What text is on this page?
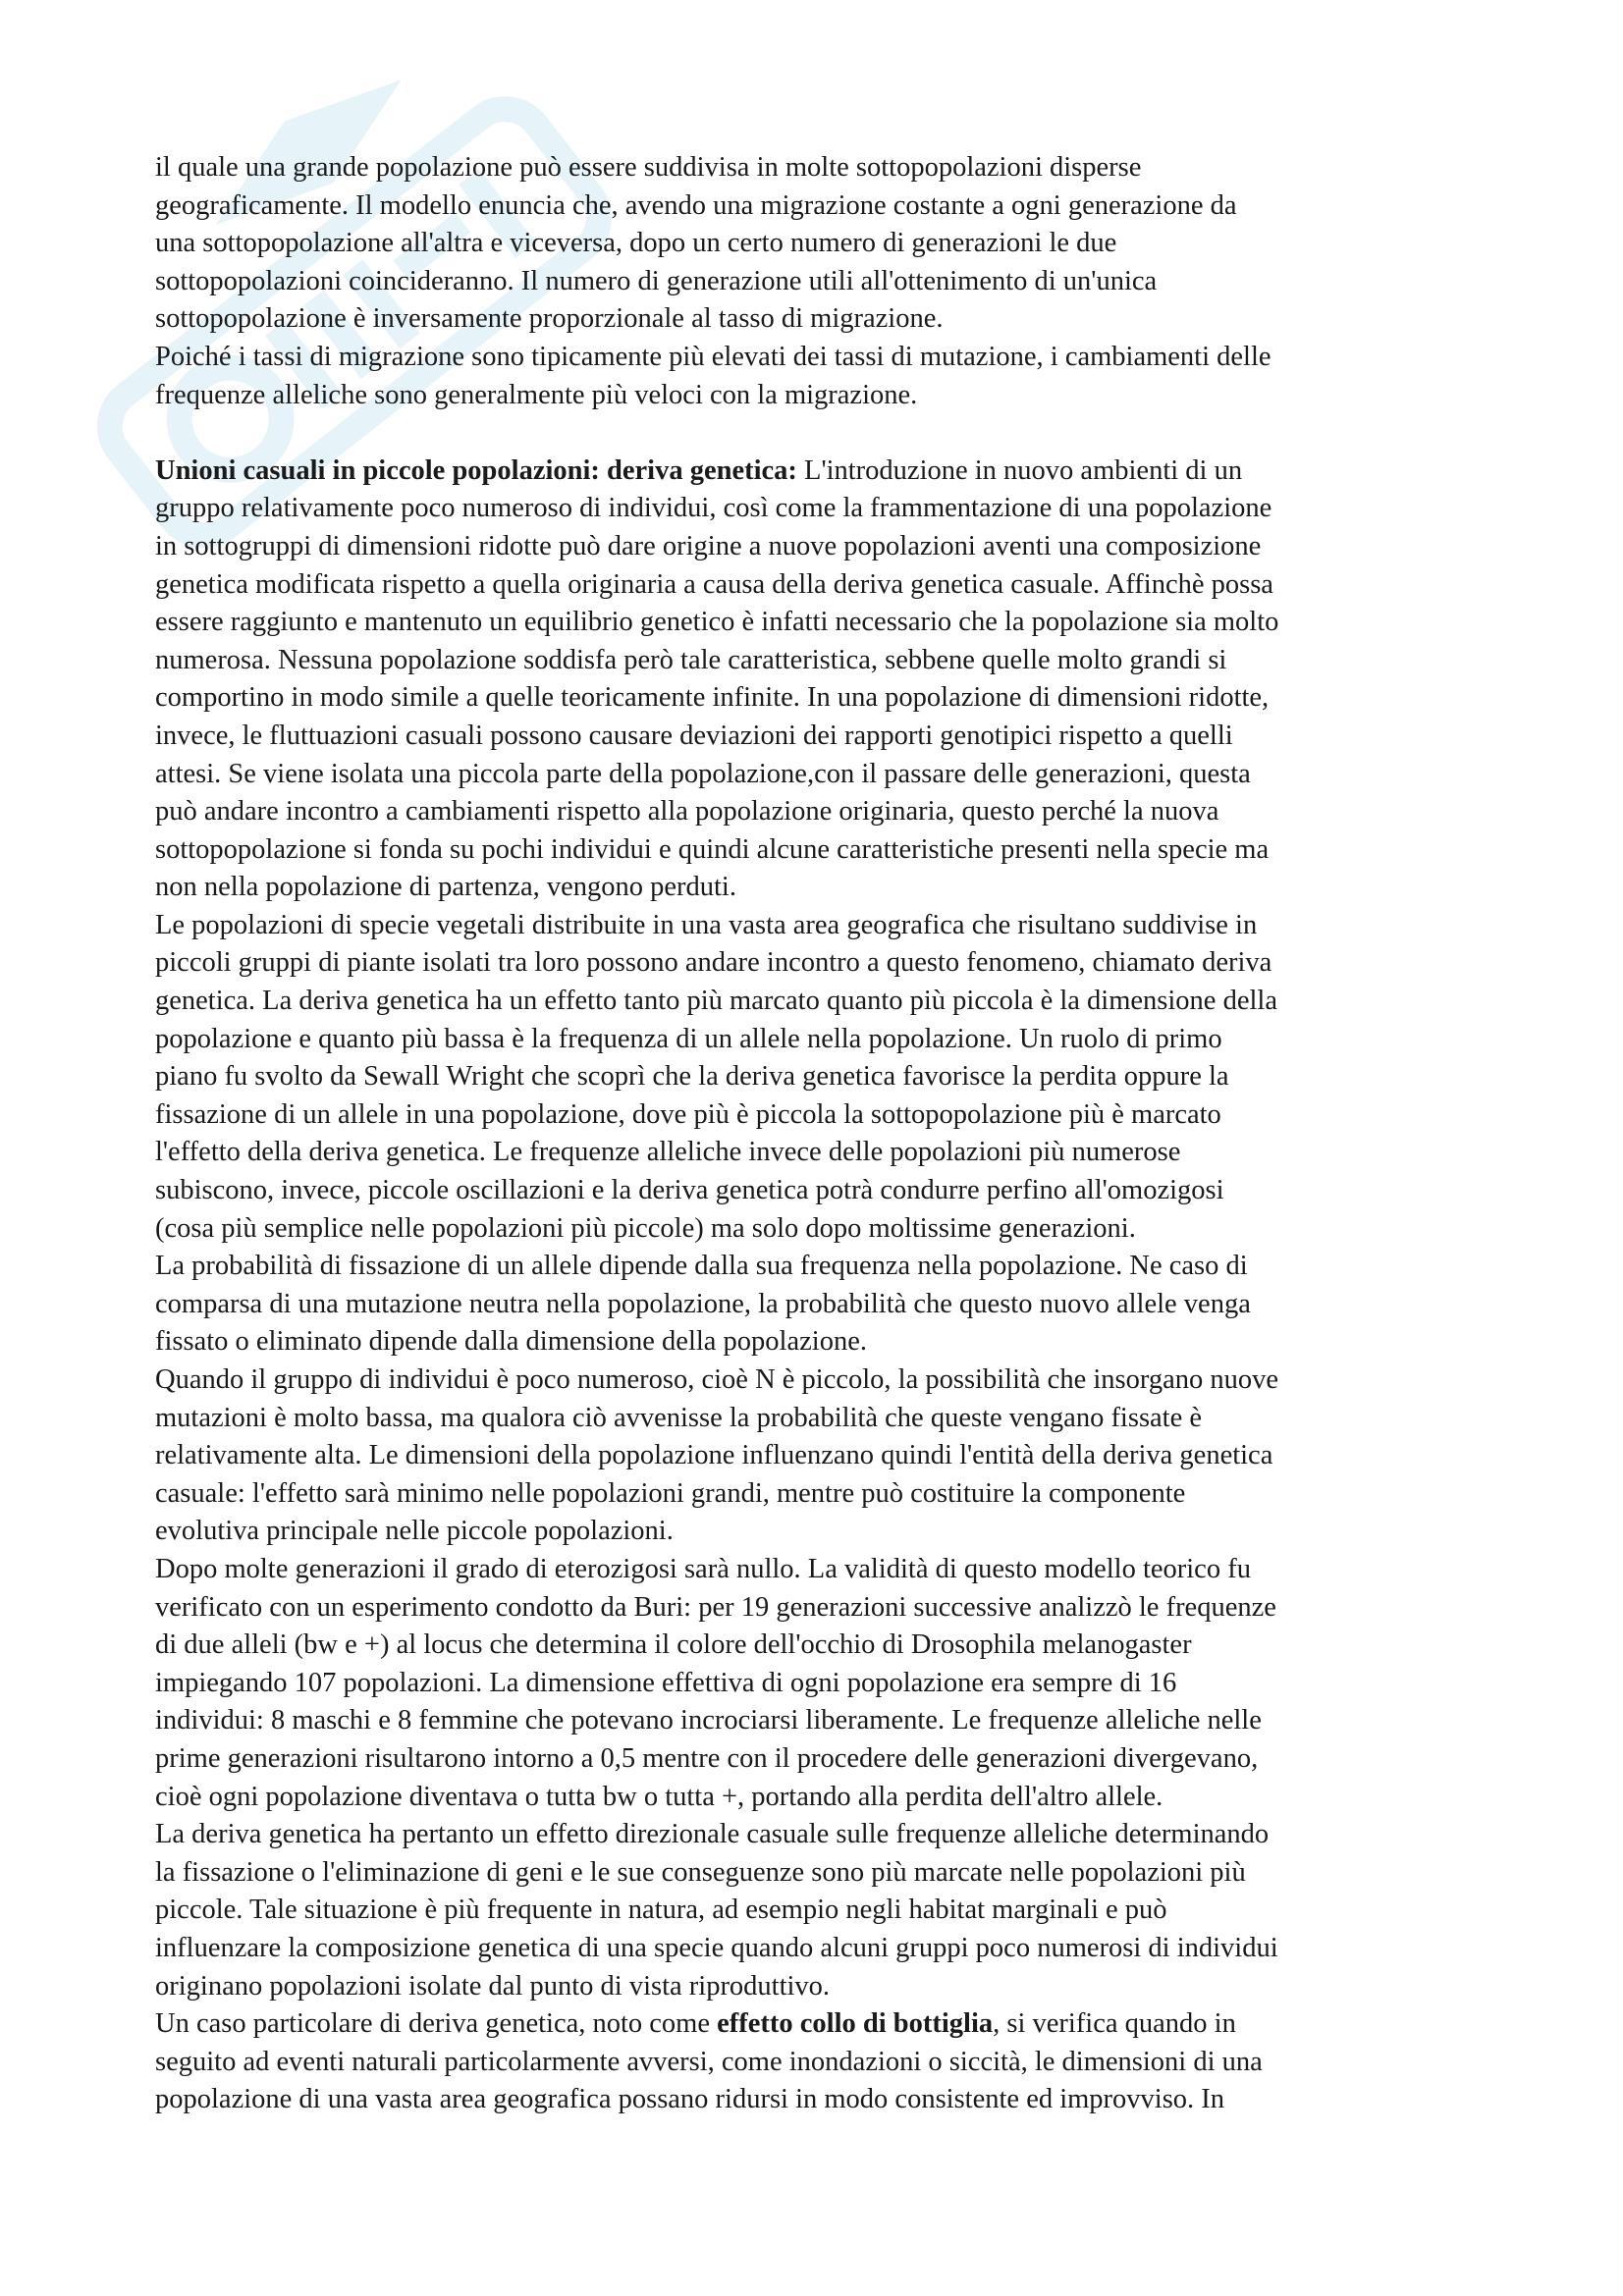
il quale una grande popolazione può essere suddivisa in molte sottopopolazioni disperse

geograficamente. Il modello enuncia che, avendo una migrazione costante a ogni generazione da

una sottopopolazione all'altra e viceversa, dopo un certo numero di generazioni le due

sottopopolazioni coincideranno. Il numero di generazione utili all'ottenimento di un'unica

sottopopolazione è inversamente proporzionale al tasso di migrazione.

Poiché i tassi di migrazione sono tipicamente più elevati dei tassi di mutazione, i cambiamenti delle

frequenze alleliche sono generalmente più veloci con la migrazione.

Unioni casuali in piccole popolazioni: deriva genetica: L'introduzione in nuovo ambienti di un

gruppo relativamente poco numeroso di individui, così come la frammentazione di una popolazione

in sottogruppi di dimensioni ridotte può dare origine a nuove popolazioni aventi una composizione

genetica modificata rispetto a quella originaria a causa della deriva genetica casuale. Affinchè possa

essere raggiunto e mantenuto un equilibrio genetico è infatti necessario che la popolazione sia molto

numerosa. Nessuna popolazione soddisfa però tale caratteristica, sebbene quelle molto grandi si

comportino in modo simile a quelle teoricamente infinite. In una popolazione di dimensioni ridotte,

invece, le fluttuazioni casuali possono causare deviazioni dei rapporti genotipici rispetto a quelli

attesi. Se viene isolata una piccola parte della popolazione,con il passare delle generazioni, questa

può andare incontro a cambiamenti rispetto alla popolazione originaria, questo perché la nuova

sottopopolazione si fonda su pochi individui e quindi alcune caratteristiche presenti nella specie ma

non nella popolazione di partenza, vengono perduti.

Le popolazioni di specie vegetali distribuite in una vasta area geografica che risultano suddivise in

piccoli gruppi di piante isolati tra loro possono andare incontro a questo fenomeno, chiamato deriva

genetica. La deriva genetica ha un effetto tanto più marcato quanto più piccola è la dimensione della

popolazione e quanto più bassa è la frequenza di un allele nella popolazione. Un ruolo di primo

piano fu svolto da Sewall Wright che scoprì che la deriva genetica favorisce la perdita oppure la

fissazione di un allele in una popolazione, dove più è piccola la sottopopolazione più è marcato

l'effetto della deriva genetica. Le frequenze alleliche invece delle popolazioni più numerose

subiscono, invece, piccole oscillazioni e la deriva genetica potrà condurre perfino all'omozigosi

(cosa più semplice nelle popolazioni più piccole) ma solo dopo moltissime generazioni.

La probabilità di fissazione di un allele dipende dalla sua frequenza nella popolazione. Ne caso di

comparsa di una mutazione neutra nella popolazione, la probabilità che questo nuovo allele venga

fissato o eliminato dipende dalla dimensione della popolazione.

Quando il gruppo di individui è poco numeroso, cioè N è piccolo, la possibilità che insorgano nuove

mutazioni è molto bassa, ma qualora ciò avvenisse la probabilità che queste vengano fissate è

relativamente alta. Le dimensioni della popolazione influenzano quindi l'entità della deriva genetica

casuale: l'effetto sarà minimo nelle popolazioni grandi, mentre può costituire la componente

evolutiva principale nelle piccole popolazioni.

Dopo molte generazioni il grado di eterozigosi sarà nullo. La validità di questo modello teorico fu

verificato con un esperimento condotto da Buri: per 19 generazioni successive analizzò le frequenze

di due alleli (bw e +) al locus che determina il colore dell'occhio di Drosophila melanogaster

impiegando 107 popolazioni. La dimensione effettiva di ogni popolazione era sempre di 16

individui: 8 maschi e 8 femmine che potevano incrociarsi liberamente. Le frequenze alleliche nelle

prime generazioni risultarono intorno a 0,5 mentre con il procedere delle generazioni divergevano,

cioè ogni popolazione diventava o tutta bw o tutta +, portando alla perdita dell'altro allele.

La deriva genetica ha pertanto un effetto direzionale casuale sulle frequenze alleliche determinando

la fissazione o l'eliminazione di geni e le sue conseguenze sono più marcate nelle popolazioni più

piccole. Tale situazione è più frequente in natura, ad esempio negli habitat marginali e può

influenzare la composizione genetica di una specie quando alcuni gruppi poco numerosi di individui

originano popolazioni isolate dal punto di vista riproduttivo.

Un caso particolare di deriva genetica, noto come effetto collo di bottiglia, si verifica quando in

seguito ad eventi naturali particolarmente avversi, come inondazioni o siccità, le dimensioni di una

popolazione di una vasta area geografica possano ridursi in modo consistente ed improvviso. In
